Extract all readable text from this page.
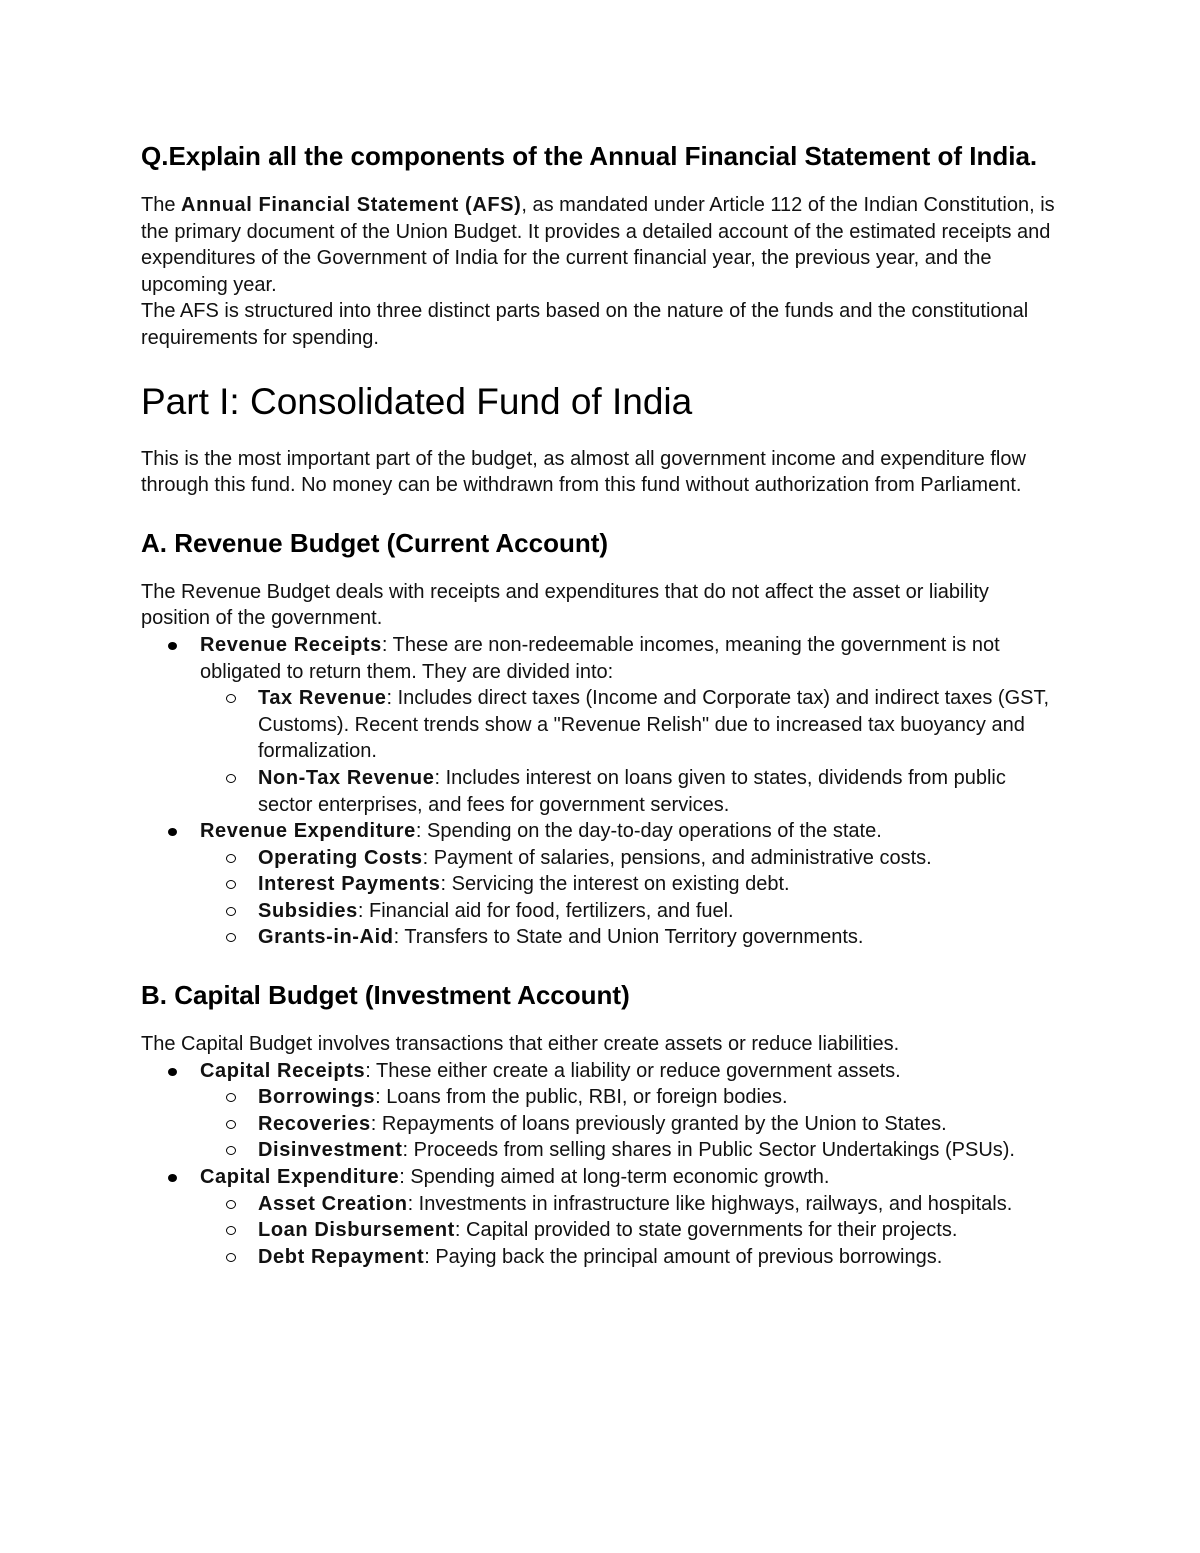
Q.Explain all the components of the Annual Financial Statement of India.

The Annual Financial Statement (AFS), as mandated under Article 112 of the Indian Constitution, is the primary document of the Union Budget. It provides a detailed account of the estimated receipts and expenditures of the Government of India for the current financial year, the previous year, and the upcoming year.

The AFS is structured into three distinct parts based on the nature of the funds and the constitutional requirements for spending.

Part I: Consolidated Fund of India

This is the most important part of the budget, as almost all government income and expenditure flow through this fund. No money can be withdrawn from this fund without authorization from Parliament.

A. Revenue Budget (Current Account)

The Revenue Budget deals with receipts and expenditures that do not affect the asset or liability position of the government.

Revenue Receipts: These are non-redeemable incomes, meaning the government is not obligated to return them. They are divided into:
Tax Revenue: Includes direct taxes (Income and Corporate tax) and indirect taxes (GST, Customs). Recent trends show a "Revenue Relish" due to increased tax buoyancy and formalization.
Non-Tax Revenue: Includes interest on loans given to states, dividends from public sector enterprises, and fees for government services.
Revenue Expenditure: Spending on the day-to-day operations of the state.
Operating Costs: Payment of salaries, pensions, and administrative costs.
Interest Payments: Servicing the interest on existing debt.
Subsidies: Financial aid for food, fertilizers, and fuel.
Grants-in-Aid: Transfers to State and Union Territory governments.
B. Capital Budget (Investment Account)

The Capital Budget involves transactions that either create assets or reduce liabilities.

Capital Receipts: These either create a liability or reduce government assets.
Borrowings: Loans from the public, RBI, or foreign bodies.
Recoveries: Repayments of loans previously granted by the Union to States.
Disinvestment: Proceeds from selling shares in Public Sector Undertakings (PSUs).
Capital Expenditure: Spending aimed at long-term economic growth.
Asset Creation: Investments in infrastructure like highways, railways, and hospitals.
Loan Disbursement: Capital provided to state governments for their projects.
Debt Repayment: Paying back the principal amount of previous borrowings.
